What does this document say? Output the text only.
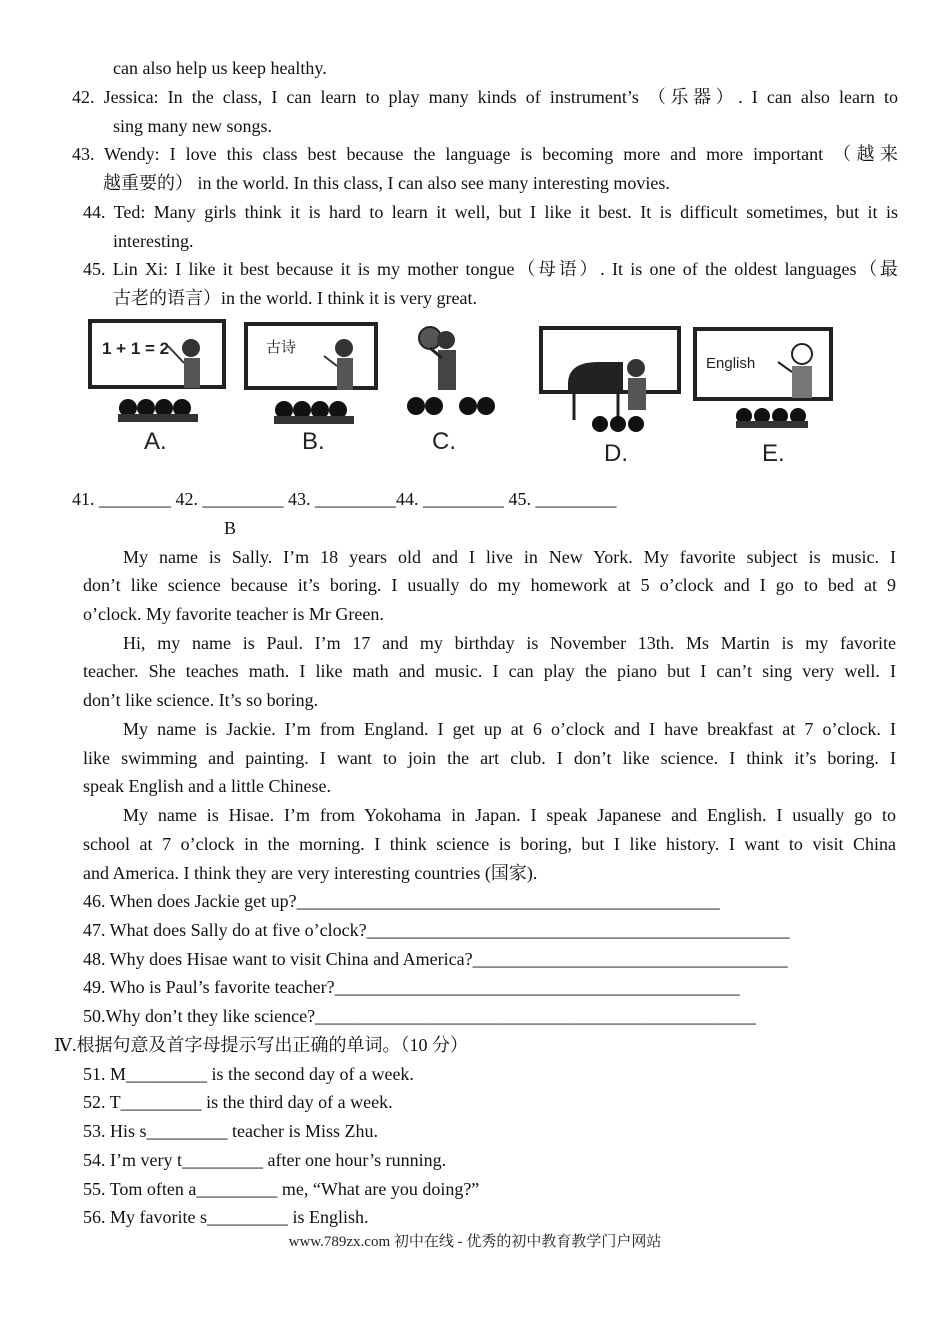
can also help us keep healthy.
42. Jessica: In the class, I can learn to play many kinds of instrument’s （乐器）. I can also learn to
sing many new songs.
43. Wendy: I love this class best because the language is becoming more and more important （越来
越重要的） in the world. In this class, I can also see many interesting movies.
44. Ted: Many girls think it is hard to learn it well, but I like it best. It is difficult sometimes, but it is
interesting.
45. Lin Xi: I like it best because it is my mother tongue（母语）. It is one of the oldest languages（最
古老的语言）in the world. I think it is very great.
1 + 1 = 2
A.
古诗
B.	C.	D.
English
E.
41. ________ 42. _________ 43. _________44. _________ 45. _________
B
My name is Sally. I’m 18 years old and I live in New York. My favorite subject is music. I
don’t like science because it’s boring. I usually do my homework at 5 o’clock and I go to bed at 9
o’clock. My favorite teacher is Mr Green.
Hi, my name is Paul. I’m 17 and my birthday is November 13th. Ms Martin is my favorite
teacher. She teaches math. I like math and music. I can play the piano but I can’t sing very well. I
don’t like science. It’s so boring.
My name is Jackie. I’m from England. I get up at 6 o’clock and I have breakfast at 7 o’clock. I
like swimming and painting. I want to join the art club. I don’t like science. I think it’s boring. I
speak English and a little Chinese.
My name is Hisae. I’m from Yokohama in Japan. I speak Japanese and English. I usually go to
school at 7 o’clock in the morning. I think science is boring, but I like history. I want to visit China
and America. I think they are very interesting countries (国家).
46. When does Jackie get up?_______________________________________________
47. What does Sally do at five o’clock?_______________________________________________
48. Why does Hisae want to visit China and America?___________________________________
49. Who is Paul’s favorite teacher?_____________________________________________
50.Why don’t they like science?_________________________________________________
Ⅳ.根据句意及首字母提示写出正确的单词。（10 分）
51. M_________ is the second day of a week.
52. T_________ is the third day of a week.
53. His s_________ teacher is Miss Zhu.
54. I’m very t_________ after one hour’s running.
55. Tom often a_________ me, “What are you doing?”
56. My favorite s_________ is English.
www.789zx.com 初中在线 - 优秀的初中教育教学门户网站
